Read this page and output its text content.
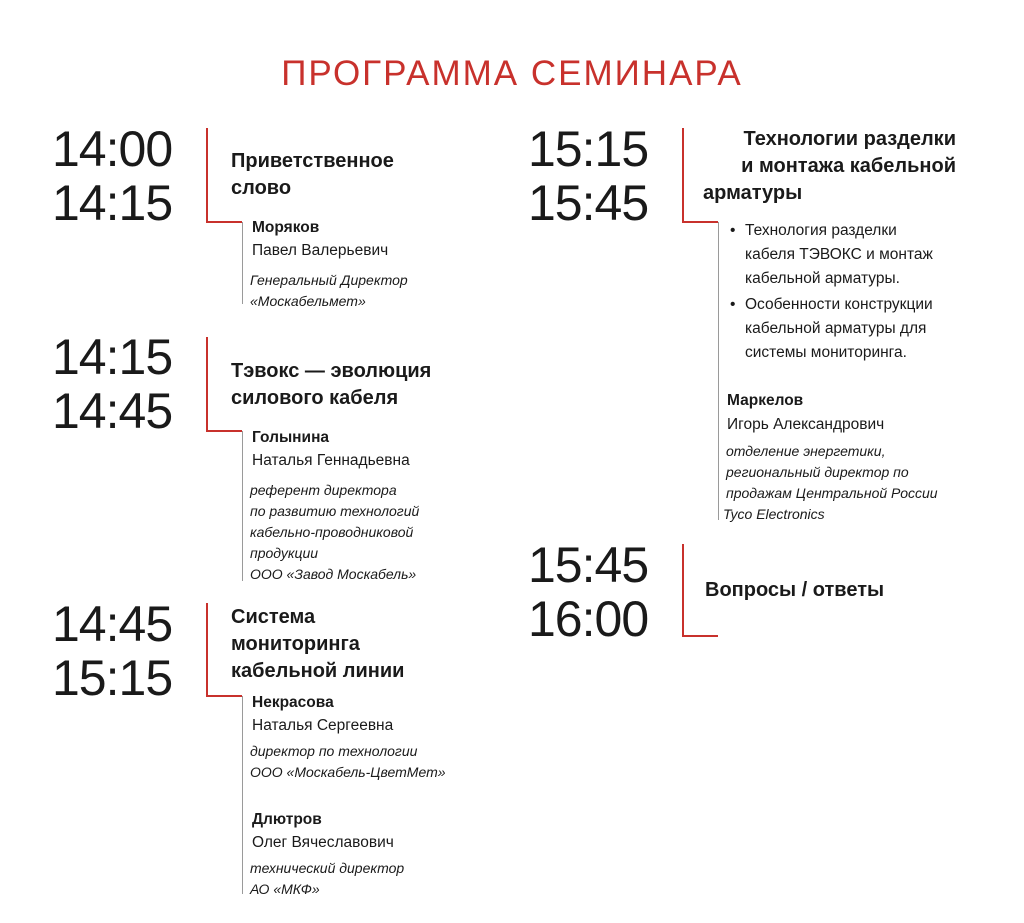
ПРОГРАММА СЕМИНАРА
14:00
14:15
Приветственное
слово
Моряков
Павел Валерьевич
Генеральный Директор
«Москабельмет»
14:15
14:45
Тэвокс — эволюция
силового кабеля
Голынина
Наталья Геннадьевна
референт директора
по развитию технологий
кабельно-проводниковой
продукции
ООО «Завод Москабель»
14:45
15:15
Система
мониторинга
кабельной линии
Некрасова
Наталья Сергеевна
директор по технологии
ООО «Москабель-ЦветМет»
Длютров
Олег Вячеславович
технический директор
АО «МКФ»
15:15
15:45
Технологии разделки
и монтажа кабельной
арматуры
• Технология разделки
кабеля ТЭВОКС и монтаж
кабельной арматуры.
• Особенности конструкции
кабельной арматуры для
системы мониторинга.
Маркелов
Игорь Александрович
отделение энергетики,
региональный директор по
продажам Центральной России
Tyco Electronics
15:45
16:00
Вопросы / ответы
